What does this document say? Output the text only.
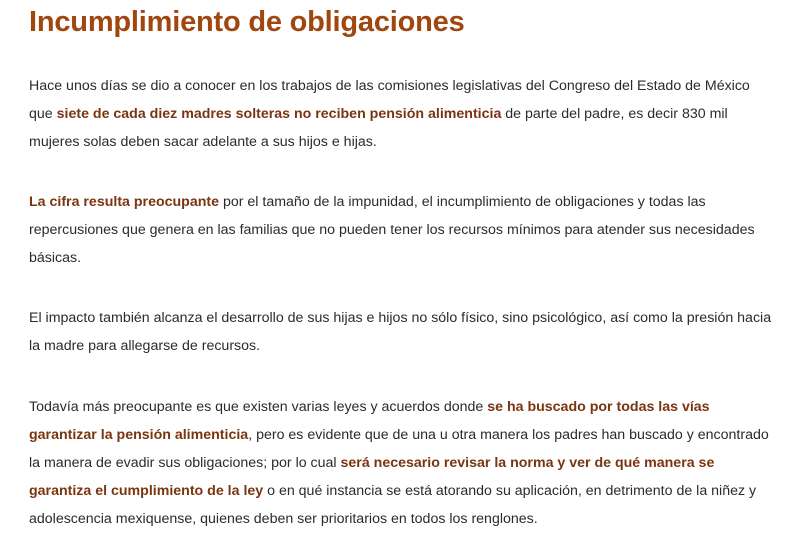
Incumplimiento de obligaciones

Hace unos días se dio a conocer en los trabajos de las comisiones legislativas del Congreso del Estado de México que siete de cada diez madres solteras no reciben pensión alimenticia de parte del padre, es decir 830 mil mujeres solas deben sacar adelante a sus hijos e hijas.

La cifra resulta preocupante por el tamaño de la impunidad, el incumplimiento de obligaciones y todas las repercusiones que genera en las familias que no pueden tener los recursos mínimos para atender sus necesidades básicas.

El impacto también alcanza el desarrollo de sus hijas e hijos no sólo físico, sino psicológico, así como la presión hacia la madre para allegarse de recursos.

Todavía más preocupante es que existen varias leyes y acuerdos donde se ha buscado por todas las vías garantizar la pensión alimenticia, pero es evidente que de una u otra manera los padres han buscado y encontrado la manera de evadir sus obligaciones; por lo cual será necesario revisar la norma y ver de qué manera se garantiza el cumplimiento de la ley o en qué instancia se está atorando su aplicación, en detrimento de la niñez y adolescencia mexiquense, quienes deben ser prioritarios en todos los renglones.
